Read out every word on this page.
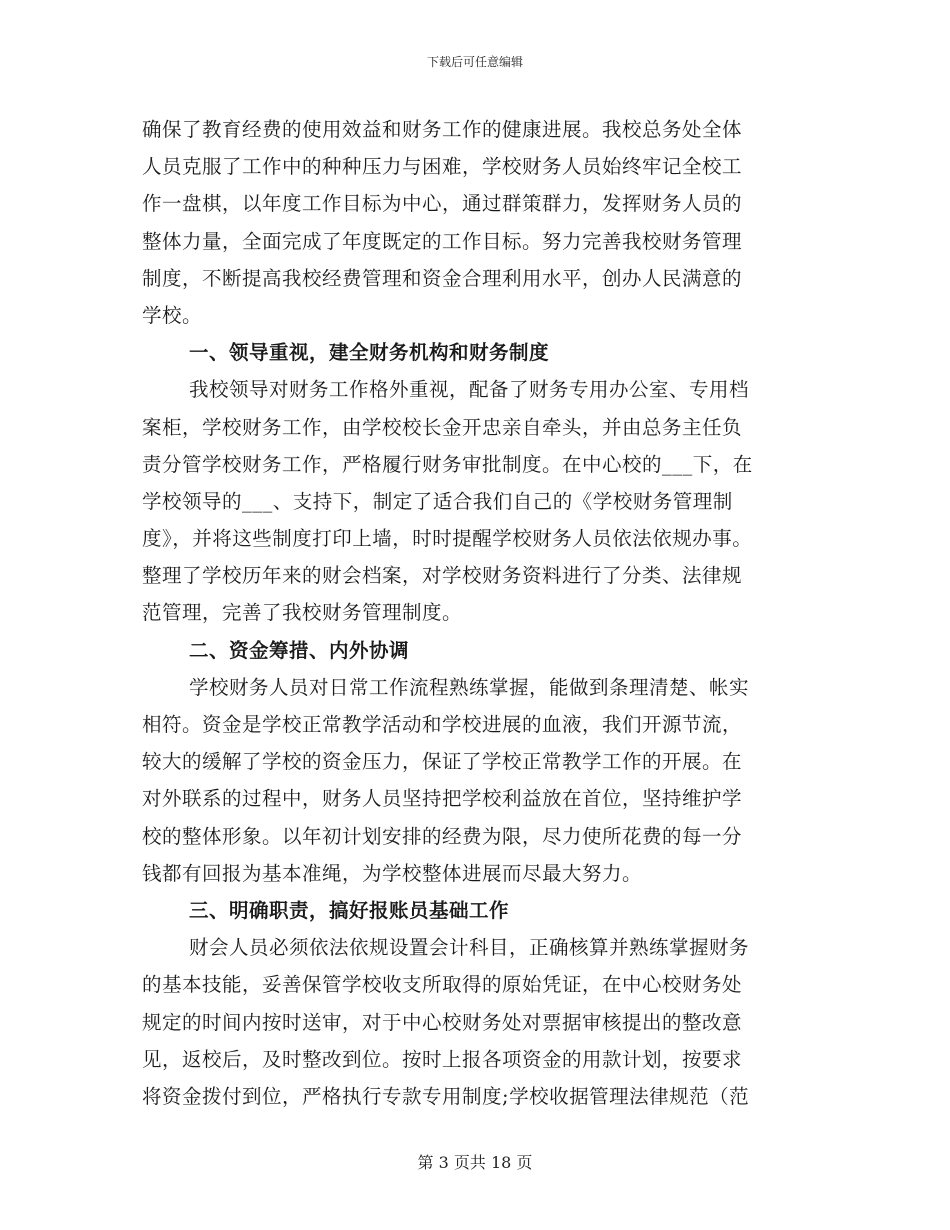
下载后可任意编辑
确保了教育经费的使用效益和财务工作的健康进展。我校总务处全体
人员克服了工作中的种种压力与困难，学校财务人员始终牢记全校工
作一盘棋，以年度工作目标为中心，通过群策群力，发挥财务人员的
整体力量，全面完成了年度既定的工作目标。努力完善我校财务管理
制度，不断提高我校经费管理和资金合理利用水平，创办人民满意的
学校。
一、领导重视，建全财务机构和财务制度
我校领导对财务工作格外重视，配备了财务专用办公室、专用档
案柜，学校财务工作，由学校校长金开忠亲自牵头，并由总务主任负
责分管学校财务工作，严格履行财务审批制度。在中心校的___下，在
学校领导的___、支持下，制定了适合我们自己的《学校财务管理制
度》，并将这些制度打印上墙，时时提醒学校财务人员依法依规办事。
整理了学校历年来的财会档案，对学校财务资料进行了分类、法律规
范管理，完善了我校财务管理制度。
二、资金筹措、内外协调
学校财务人员对日常工作流程熟练掌握，能做到条理清楚、帐实
相符。资金是学校正常教学活动和学校进展的血液，我们开源节流，
较大的缓解了学校的资金压力，保证了学校正常教学工作的开展。在
对外联系的过程中，财务人员坚持把学校利益放在首位，坚持维护学
校的整体形象。以年初计划安排的经费为限，尽力使所花费的每一分
钱都有回报为基本准绳，为学校整体进展而尽最大努力。
三、明确职责，搞好报账员基础工作
财会人员必须依法依规设置会计科目，正确核算并熟练掌握财务
的基本技能，妥善保管学校收支所取得的原始凭证，在中心校财务处
规定的时间内按时送审，对于中心校财务处对票据审核提出的整改意
见，返校后，及时整改到位。按时上报各项资金的用款计划，按要求
将资金拨付到位，严格执行专款专用制度;学校收据管理法律规范（范
第 3 页共 18 页
